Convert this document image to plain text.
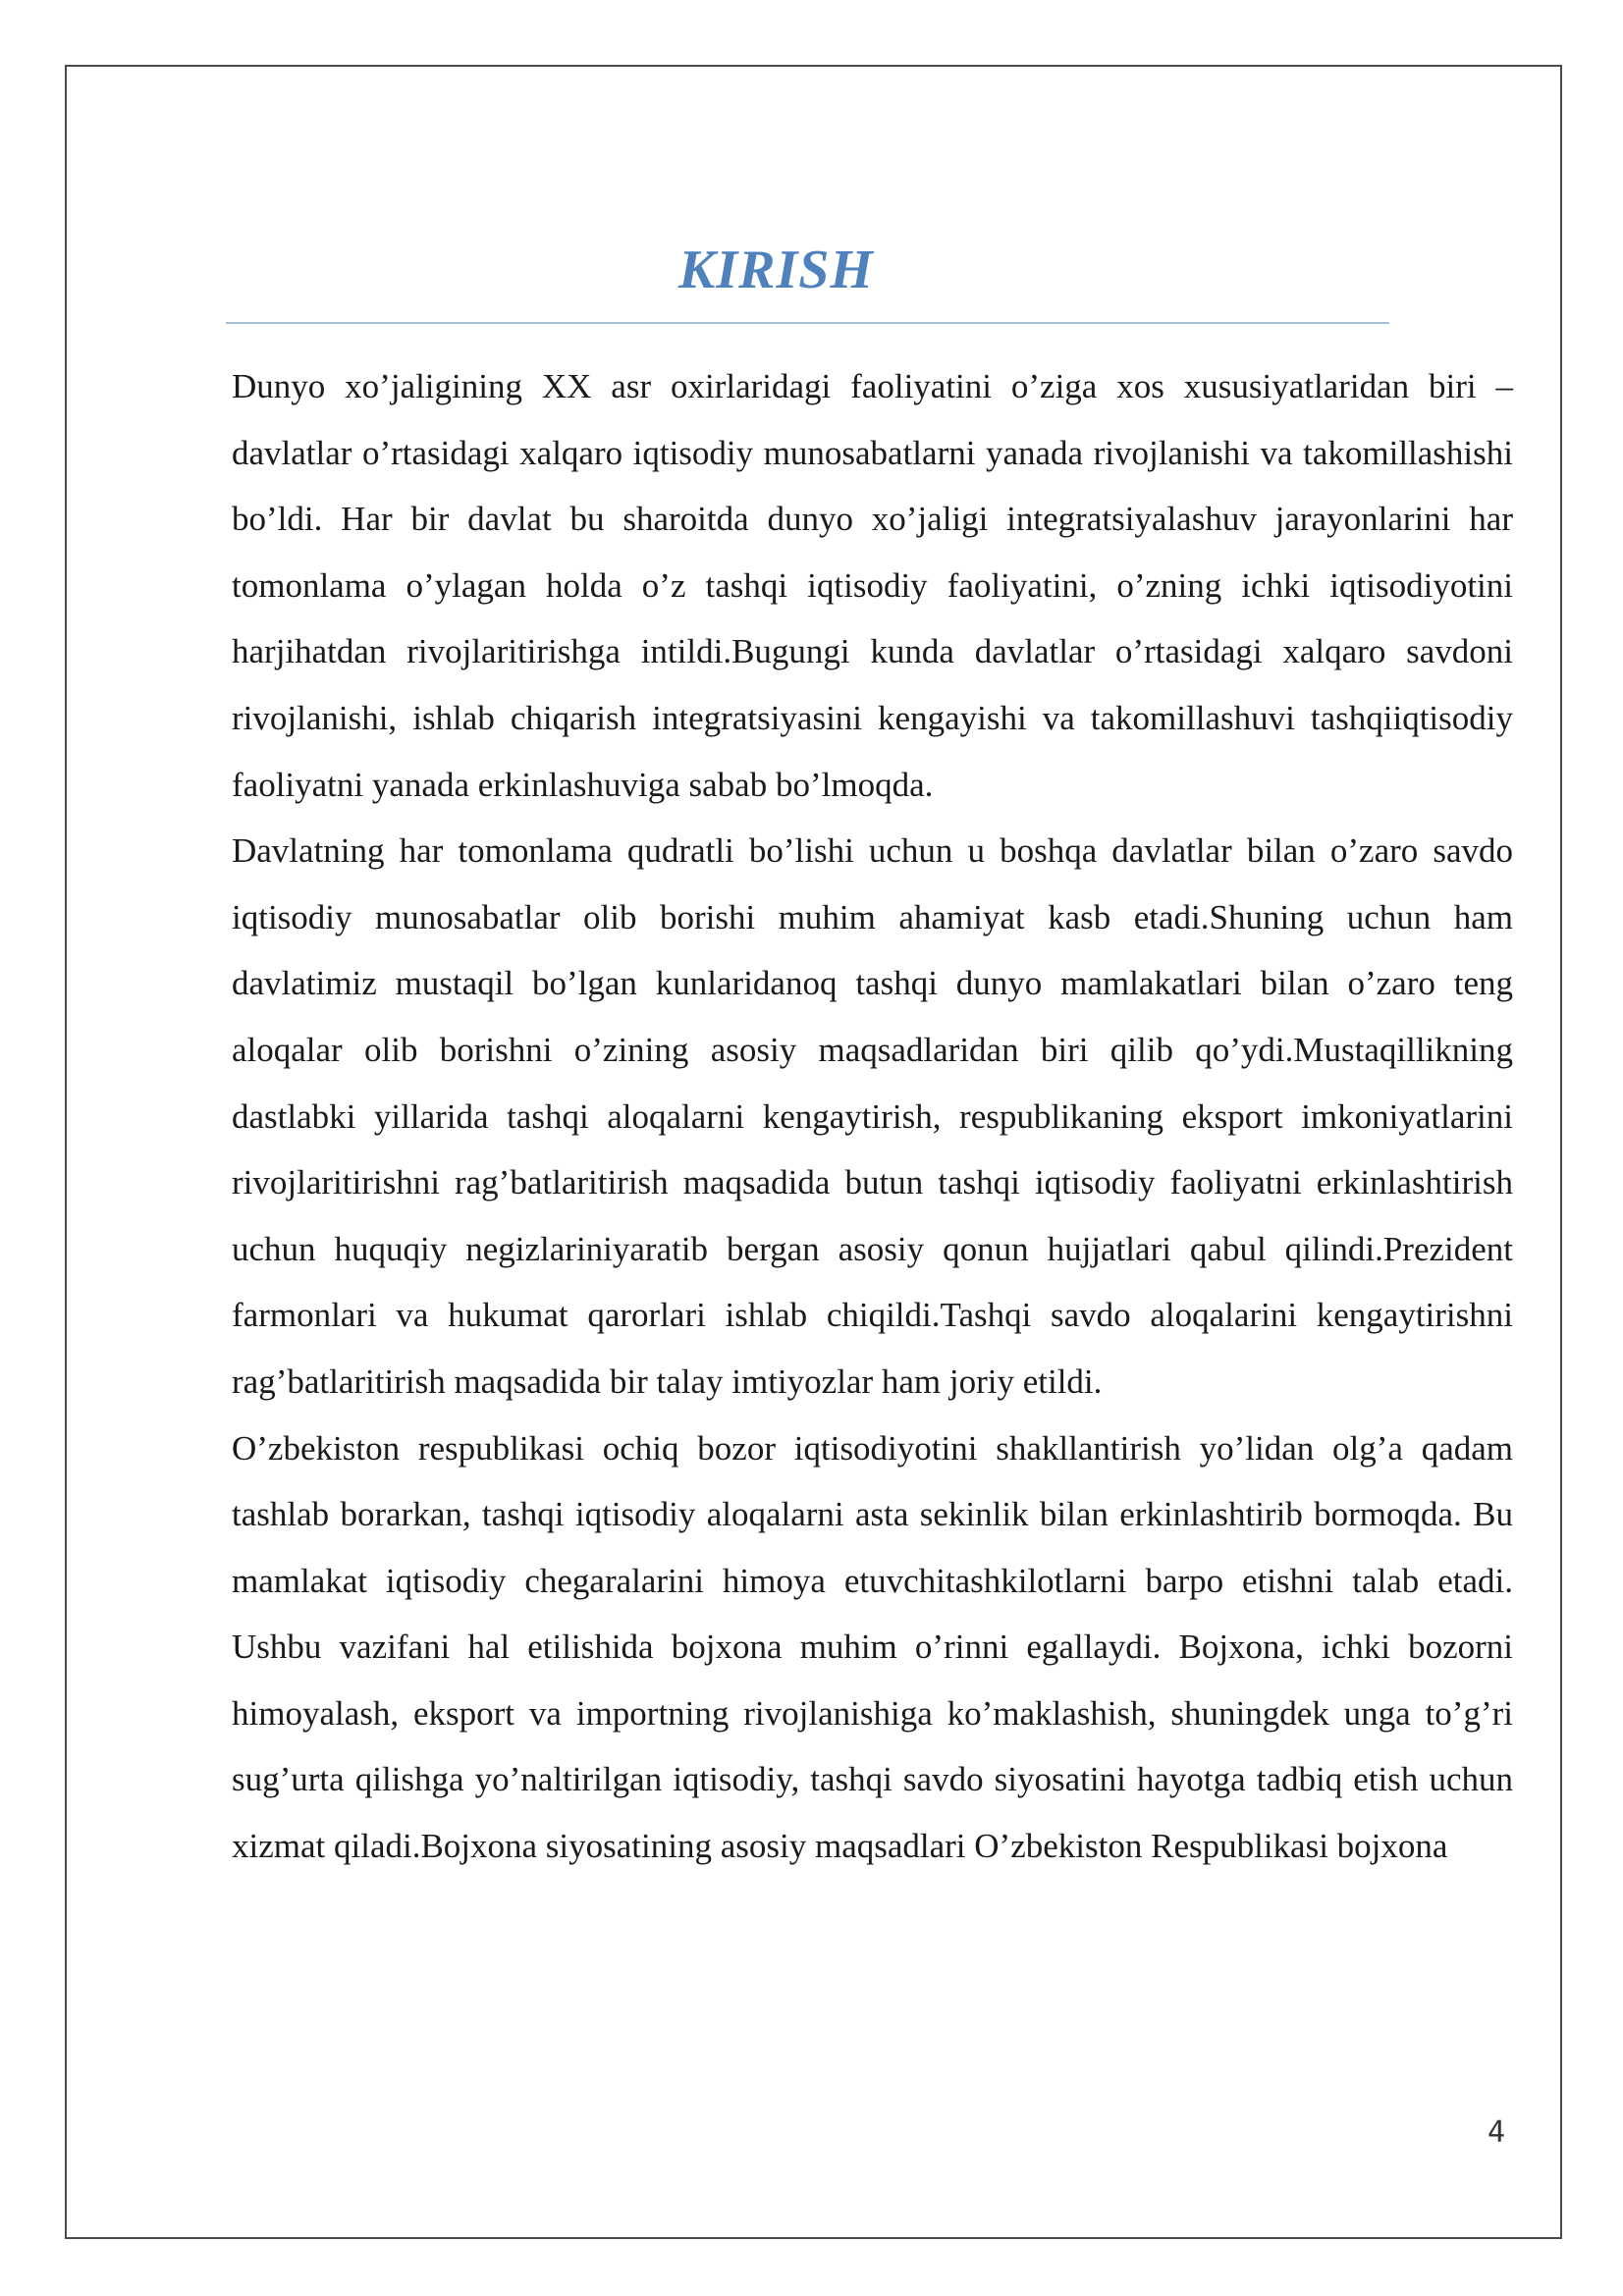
KIRISH

Dunyo xo’jaligining XX asr oxirlaridagi faoliyatini o’ziga xos xususiyatlaridan biri – davlatlar o’rtasidagi xalqaro iqtisodiy munosabatlarni yanada rivojlanishi va takomillashishi bo’ldi. Har bir davlat bu sharoitda dunyo xo’jaligi integratsiyalashuv jarayonlarini har tomonlama o’ylagan holda o’z tashqi iqtisodiy faoliyatini, o’zning ichki iqtisodiyotini harjihatdan rivojlaritirishga intildi.Bugungi kunda davlatlar o’rtasidagi xalqaro savdoni rivojlanishi, ishlab chiqarish integratsiyasini kengayishi va takomillashuvi tashqiiqtisodiy faoliyatni yanada erkinlashuviga sabab bo’lmoqda.

Davlatning har tomonlama qudratli bo’lishi uchun u boshqa davlatlar bilan o’zaro savdo iqtisodiy munosabatlar olib borishi muhim ahamiyat kasb etadi.Shuning uchun ham davlatimiz mustaqil bo’lgan kunlaridanoq tashqi dunyo mamlakatlari bilan o’zaro teng aloqalar olib borishni o’zining asosiy maqsadlaridan biri qilib qo’ydi.Mustaqillikning dastlabki yillarida tashqi aloqalarni kengaytirish, respublikaning eksport imkoniyatlarini rivojlaritirishni rag’batlaritirish maqsadida butun tashqi iqtisodiy faoliyatni erkinlashtirish uchun huquqiy negizlariniyaratib bergan asosiy qonun hujjatlari qabul qilindi.Prezident farmonlari va hukumat qarorlari ishlab chiqildi.Tashqi savdo aloqalarini kengaytirishni rag’batlaritirish maqsadida bir talay imtiyozlar ham joriy etildi.

O’zbekiston respublikasi ochiq bozor iqtisodiyotini shakllantirish yo’lidan olg’a qadam tashlab borarkan, tashqi iqtisodiy aloqalarni asta sekinlik bilan erkinlashtirib bormoqda. Bu mamlakat iqtisodiy chegaralarini himoya etuvchitashkilotlarni barpo etishni talab etadi. Ushbu vazifani hal etilishida bojxona muhim o’rinni egallaydi. Bojxona, ichki bozorni himoyalash, eksport va importning rivojlanishiga ko’maklashish, shuningdek unga to’g’ri sug’urta qilishga yo’naltirilgan iqtisodiy, tashqi savdo siyosatini hayotga tadbiq etish uchun xizmat qiladi.Bojxona siyosatining asosiy maqsadlari O’zbekiston Respublikasi bojxona

4
